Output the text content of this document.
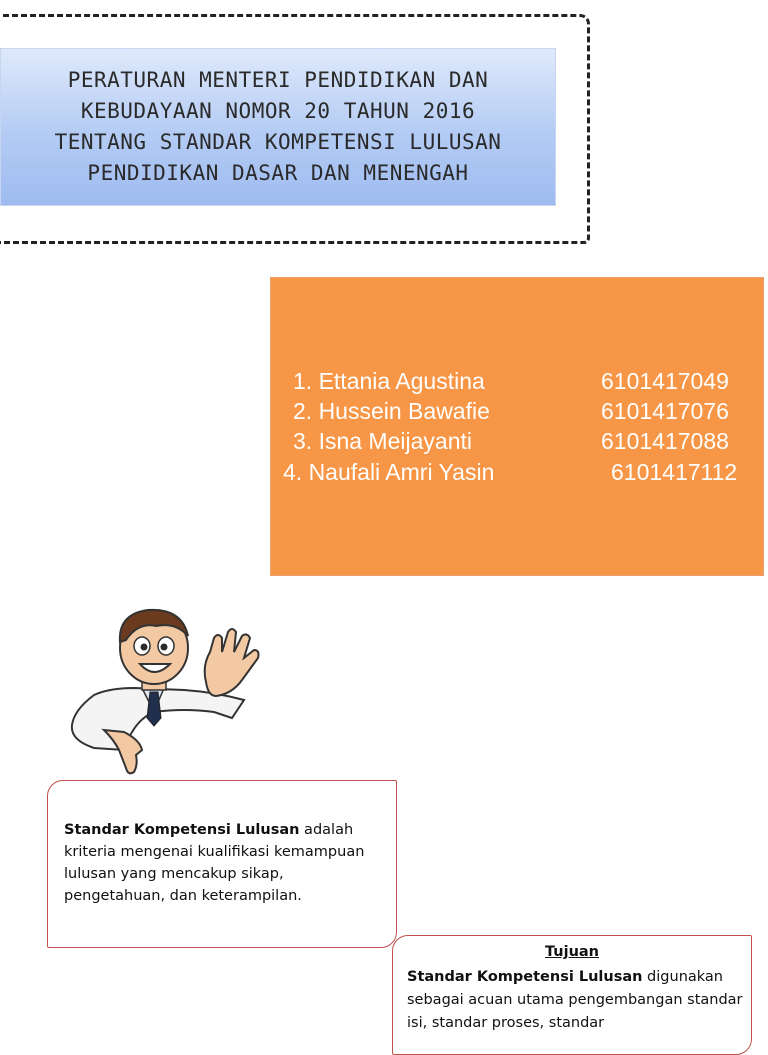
PERATURAN MENTERI PENDIDIKAN DAN
KEBUDAYAAN NOMOR 20 TAHUN 2016
TENTANG STANDAR KOMPETENSI LULUSAN
PENDIDIKAN DASAR DAN MENENGAH
1. Ettania Agustina	6101417049
2. Hussein Bawafie	6101417076
3. Isna Meijayanti	6101417088
4. Naufali Amri Yasin	6101417112
Standar Kompetensi Lulusan adalah kriteria mengenai kualifikasi kemampuan lulusan yang mencakup sikap, pengetahuan, dan keterampilan.
Tujuan
Standar Kompetensi Lulusan digunakan sebagai acuan utama pengembangan standar isi, standar proses, standar
